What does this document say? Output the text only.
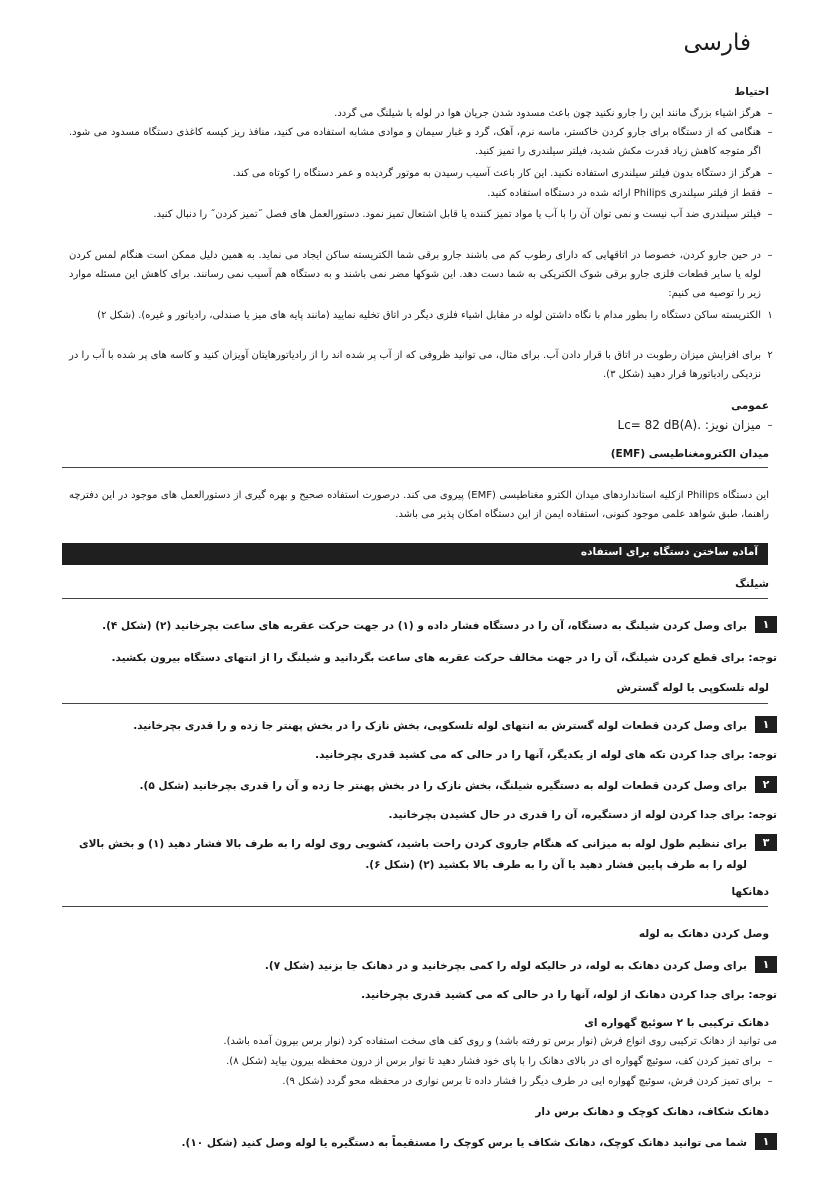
فارسی
احتیاط
–
هرگز اشیاء بزرگ مانند این را جارو نکنید چون باعث مسدود شدن جریان هوا در لوله یا شیلنگ می گردد.
–
هنگامی که از دستگاه برای جارو کردن خاکستر، ماسه نرم، آهک، گرد و غبار سیمان و موادی مشابه استفاده می کنید، منافذ ریز کیسه کاغذی دستگاه مسدود می شود. اگر متوجه کاهش زیاد قدرت مکش شدید، فیلتر سیلندری را تمیز کنید.
–
هرگز از دستگاه بدون فیلتر سیلندری استفاده نکنید. این کار باعث آسیب رسیدن به موتور گردیده و عمر دستگاه را کوتاه می کند.
–
فقط از فیلتر سیلندری Philips ارائه شده در دستگاه استفاده کنید.
–
فیلتر سیلندری ضد آب نیست و نمی توان آن را با آب یا مواد تمیز کننده یا قابل اشتعال تمیز نمود. دستورالعمل های فصل ˝تمیز کردن˝ را دنبال کنید.
–
در حین جارو کردن، خصوصا در اتاقهایی که دارای رطوب کم می باشند جارو برقی شما الکتریسته ساکن ایجاد می نماید. به همین دلیل ممکن است هنگام لمس کردن لوله یا سایر قطعات فلزی جارو برقی شوک الکتریکی به شما دست دهد. این شوکها مضر نمی باشند و به دستگاه هم آسیب نمی رسانند. برای کاهش این مسئله موارد زیر را توصیه می کنیم:
۱
الکتریسته ساکن دستگاه را بطور مدام با نگاه داشتن لوله در مقابل اشیاء فلزی دیگر در اتاق تخلیه نمایید (مانند پایه های میز یا صندلی، رادیاتور و غیره). (شکل ۲)
۲
برای افزایش میزان رطوبت در اتاق با قرار دادن آب. برای مثال، می توانید ظروفی که از آب پر شده اند را از رادیاتورهایتان آویزان کنید و کاسه های پر شده با آب را در نزدیکی رادیاتورها قرار دهید (شکل ۳).
عمومی
–
میزان نویز: .Lc= 82 dB(A)
میدان الکترومغناطیسی (EMF)
این دستگاه Philips ازکلیه استانداردهای میدان الکترو مغناطیسی (EMF) پیروی می کند. درصورت استفاده صحیح و بهره گیری از دستورالعمل های موجود در این دفترچه راهنما، طبق شواهد علمی موجود کنونی، استفاده ایمن از این دستگاه امکان پذیر می باشد.
آماده ساختن دستگاه برای استفاده
شیلنگ
۱
برای وصل کردن شیلنگ به دستگاه، آن را در دستگاه فشار داده و (۱) در جهت حرکت عقربه های ساعت بچرخانید (۲) (شکل ۴).
توجه: برای قطع کردن شیلنگ، آن را در جهت مخالف حرکت عقربه های ساعت بگردانید و شیلنگ را از انتهای دستگاه بیرون بکشید.
لوله تلسکوپی یا لوله گسترش
۱
برای وصل کردن قطعات لوله گسترش به انتهای لوله تلسکوپی، بخش نازک را در بخش پهنتر جا زده و را قدری بچرخانید.
توجه: برای جدا کردن تکه های لوله از یکدیگر، آنها را در حالی که می کشید قدری بچرخانید.
۲
برای وصل کردن قطعات لوله به دستگیره شیلنگ، بخش نازک را در بخش پهنتر جا زده و آن را قدری بچرخانید (شکل ۵).
توجه: برای جدا کردن لوله از دستگیره، آن را قدری در حال کشیدن بچرخانید.
۳
برای تنظیم طول لوله به میزانی که هنگام جاروی کردن راحت باشید، کشویی روی لوله را به طرف بالا فشار دهید (۱) و بخش بالای لوله را به طرف پایین فشار دهید یا آن را به طرف بالا بکشید (۲) (شکل ۶).
دهانکها
وصل کردن دهانک به لوله
۱
برای وصل کردن دهانک به لوله، در حالیکه لوله را کمی بچرخانید و در دهانک جا بزنید (شکل ۷).
توجه: برای جدا کردن دهانک از لوله، آنها را در حالی که می کشید قدری بچرخانید.
دهانک ترکیبی با ۲ سوئیچ گهواره ای
می توانید از دهانک ترکیبی روی انواع فرش (نوار برس تو رفته باشد) و روی کف های سخت استفاده کرد (نوار برس بیرون آمده باشد).
–
برای تمیز کردن کف، سوئیچ گهواره ای در بالای دهانک را با پای خود فشار دهید تا نوار برس از درون محفظه بیرون بیاید (شکل ۸).
–
برای تمیز کردن فرش، سوئیچ گهواره ایی در طرف دیگر را فشار داده تا برس نواری در محفظه محو گردد (شکل ۹).
دهانک شکاف، دهانک کوچک و دهانک برس دار
۱
شما می توانید دهانک کوچک، دهانک شکاف یا برس کوچک را مستقیماً به دستگیره یا لوله وصل کنید (شکل ۱۰).
